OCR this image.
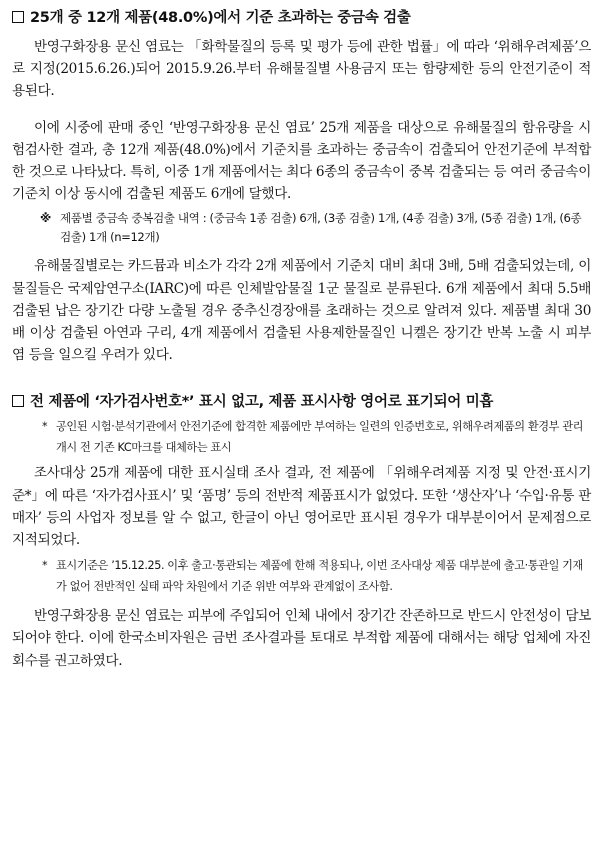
25개 중 12개 제품(48.0%)에서 기준 초과하는 중금속 검출

반영구화장용 문신 염료는 「화학물질의 등록 및 평가 등에 관한 법률」에 따라 ‘위해우려제품’으로 지정(2015.6.26.)되어 2015.9.26.부터 유해물질별 사용금지 또는 함량제한 등의 안전기준이 적용된다.

이에 시중에 판매 중인 ‘반영구화장용 문신 염료’ 25개 제품을 대상으로 유해물질의 함유량을 시험검사한 결과, 총 12개 제품(48.0%)에서 기준치를 초과하는 중금속이 검출되어 안전기준에 부적합한 것으로 나타났다. 특히, 이중 1개 제품에서는 최다 6종의 중금속이 중복 검출되는 등 여러 중금속이 기준치 이상 동시에 검출된 제품도 6개에 달했다.

※ 제품별 중금속 중복검출 내역 : (중금속 1종 검출) 6개, (3종 검출) 1개, (4종 검출) 3개, (5종 검출) 1개, (6종 검출) 1개 (n=12개)

유해물질별로는 카드뮴과 비소가 각각 2개 제품에서 기준치 대비 최대 3배, 5배 검출되었는데, 이 물질들은 국제암연구소(IARC)에 따른 인체발암물질 1군 물질로 분류된다. 6개 제품에서 최대 5.5배 검출된 납은 장기간 다량 노출될 경우 중추신경장애를 초래하는 것으로 알려져 있다. 제품별 최대 30배 이상 검출된 아연과 구리, 4개 제품에서 검출된 사용제한물질인 니켈은 장기간 반복 노출 시 피부염 등을 일으킬 우려가 있다.

전 제품에 ‘자가검사번호*’ 표시 없고, 제품 표시사항 영어로 표기되어 미흡

* 공인된 시험·분석기관에서 안전기준에 합격한 제품에만 부여하는 일련의 인증번호로, 위해우려제품의 환경부 관리 개시 전 기존 KC마크를 대체하는 표시

조사대상 25개 제품에 대한 표시실태 조사 결과, 전 제품에 「위해우려제품 지정 및 안전·표시기준*」에 따른 ‘자가검사표시’ 및 ‘품명’ 등의 전반적 제품표시가 없었다. 또한 ‘생산자’나 ‘수입·유통 판매자’ 등의 사업자 정보를 알 수 없고, 한글이 아닌 영어로만 표시된 경우가 대부분이어서 문제점으로 지적되었다.

* 표시기준은 ’15.12.25. 이후 출고·통관되는 제품에 한해 적용되나, 이번 조사대상 제품 대부분에 출고·통관일 기재가 없어 전반적인 실태 파악 차원에서 기준 위반 여부와 관계없이 조사함.

반영구화장용 문신 염료는 피부에 주입되어 인체 내에서 장기간 잔존하므로 반드시 안전성이 담보되어야 한다. 이에 한국소비자원은 금번 조사결과를 토대로 부적합 제품에 대해서는 해당 업체에 자진 회수를 권고하였다.
